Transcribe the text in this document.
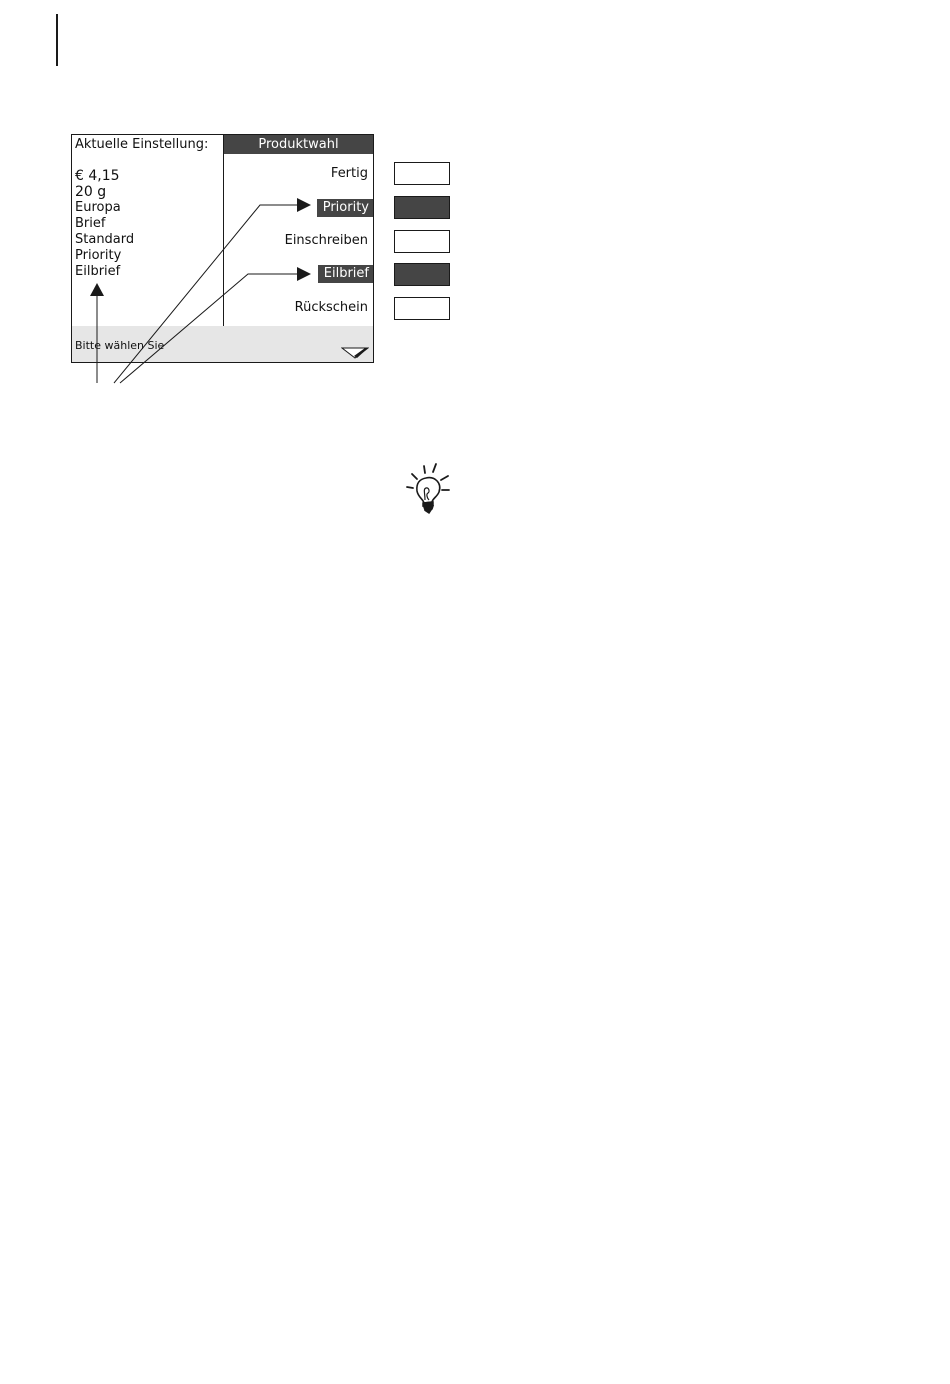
Aktuelle Einstellung:
€ 4,15
20 g
Europa
Brief
Standard
Priority
Eilbrief
Produktwahl
Fertig
Priority
Einschreiben
Eilbrief
Rückschein
Bitte wählen Sie
